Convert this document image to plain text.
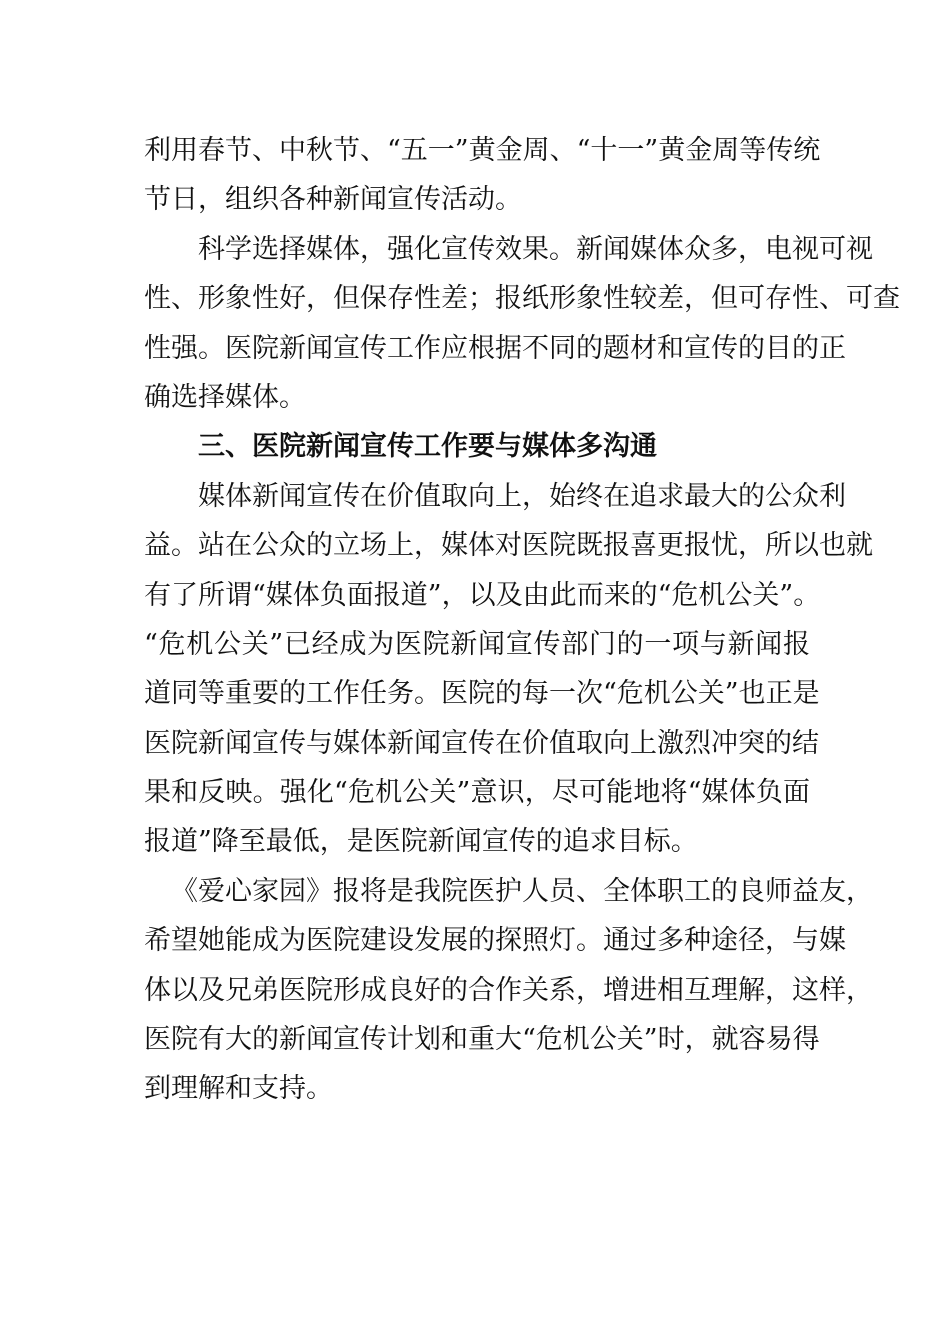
利用春节、中秋节、“五一”黄金周、“十一”黄金周等传统
节日，组织各种新闻宣传活动。
科学选择媒体，强化宣传效果。新闻媒体众多，电视可视
性、形象性好，但保存性差；报纸形象性较差，但可存性、可查
性强。医院新闻宣传工作应根据不同的题材和宣传的目的正
确选择媒体。
三、医院新闻宣传工作要与媒体多沟通
媒体新闻宣传在价值取向上，始终在追求最大的公众利
益。站在公众的立场上，媒体对医院既报喜更报忧，所以也就
有了所谓“媒体负面报道”，以及由此而来的“危机公关”。
“危机公关”已经成为医院新闻宣传部门的一项与新闻报
道同等重要的工作任务。医院的每一次“危机公关”也正是
医院新闻宣传与媒体新闻宣传在价值取向上激烈冲突的结
果和反映。强化“危机公关”意识，尽可能地将“媒体负面
报道”降至最低，是医院新闻宣传的追求目标。
《爱心家园》报将是我院医护人员、全体职工的良师益友，
希望她能成为医院建设发展的探照灯。通过多种途径，与媒
体以及兄弟医院形成良好的合作关系，增进相互理解，这样，
医院有大的新闻宣传计划和重大“危机公关”时，就容易得
到理解和支持。
